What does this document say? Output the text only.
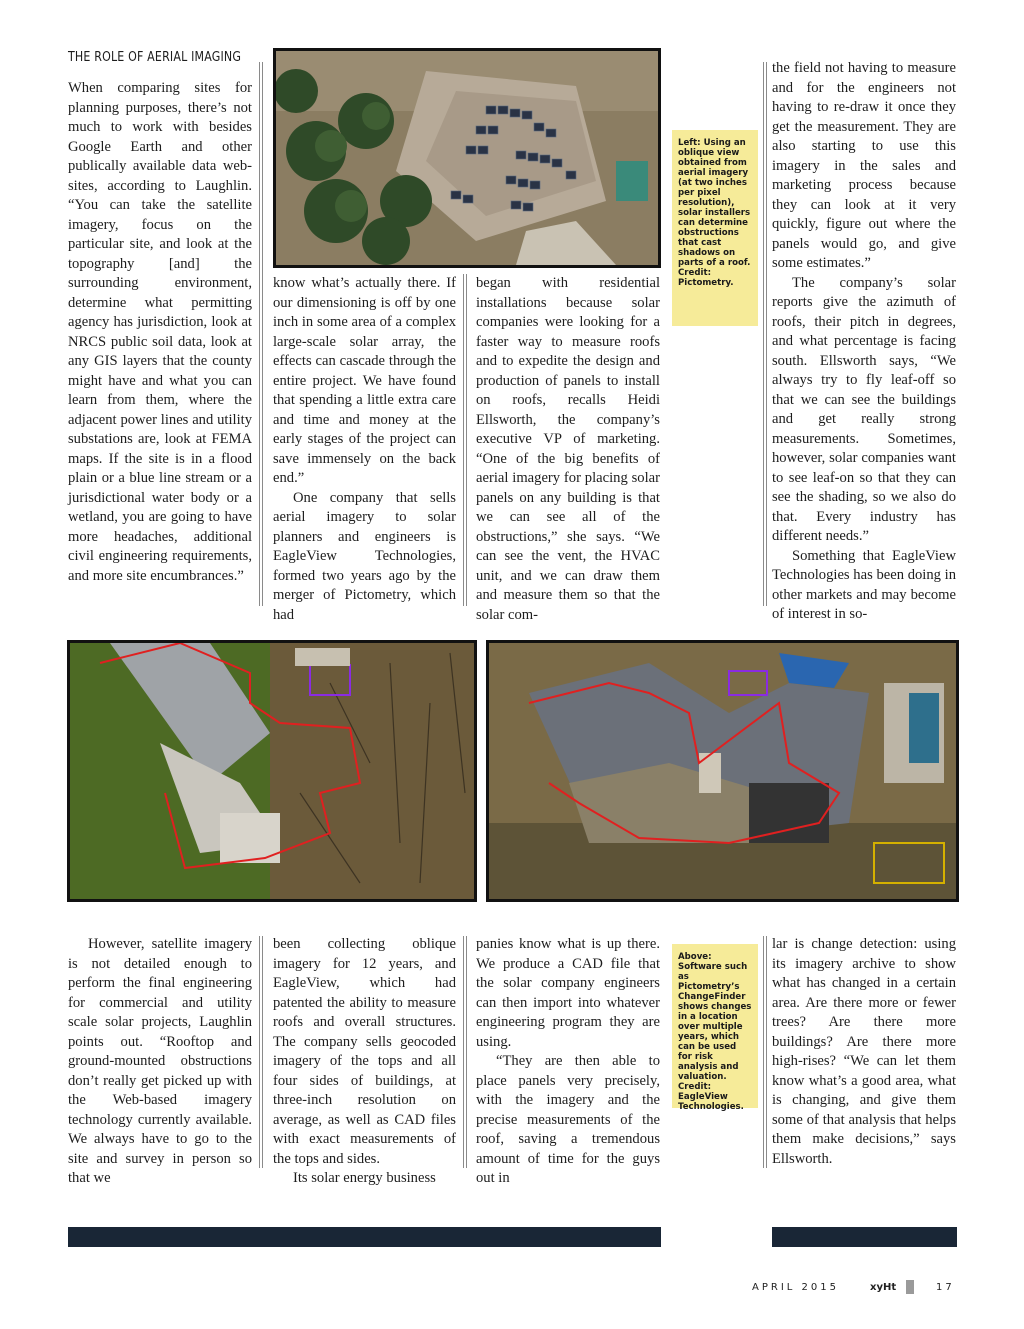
THE ROLE OF AERIAL IMAGING

When comparing sites for planning purposes, there’s not much to work with besides Google Earth and other publically available data web-sites, according to Laughlin. “You can take the satellite imagery, focus on the particular site, and look at the topography [and] the surrounding environment, determine what permitting agency has jurisdiction, look at NRCS public soil data, look at any GIS layers that the county might have and what you can learn from them, where the adjacent power lines and utility substations are, look at FEMA maps. If the site is in a flood plain or a blue line stream or a jurisdictional water body or a wetland, you are going to have more headaches, additional civil engineering requirements, and more site encumbrances.”

know what’s actually there. If our dimensioning is off by one inch in some area of a complex large-scale solar array, the effects can cascade through the entire project. We have found that spending a little extra care and time and money at the early stages of the project can save immensely on the back end.”

One company that sells aerial imagery to solar planners and engineers is EagleView Technologies, formed two years ago by the merger of Pictometry, which had

began with residential installations because solar companies were looking for a faster way to measure roofs and to expedite the design and production of panels to install on roofs, recalls Heidi Ellsworth, the company’s executive VP of marketing. “One of the big benefits of aerial imagery for placing solar panels on any building is that we can see all of the obstructions,” she says. “We can see the vent, the HVAC unit, and we can draw them and measure them so that the solar com-

Left: Using an oblique view obtained from aerial imagery (at two inches per pixel resolution), solar installers can determine obstructions that cast shadows on parts of a roof. Credit: Pictometry.

the field not having to measure and for the engineers not having to re-draw it once they get the measurement. They are also starting to use this imagery in the sales and marketing process because they can look at it very quickly, figure out where the panels would go, and give some estimates.”

The company’s solar reports give the azimuth of roofs, their pitch in degrees, and what percentage is facing south. Ellsworth says, “We always try to fly leaf-off so that we can see the buildings and get really strong measurements. Sometimes, however, solar companies want to see leaf-on so that they can see the shading, so we also do that. Every industry has different needs.”

Something that EagleView Technologies has been doing in other markets and may become of interest in so-

However, satellite imagery is not detailed enough to perform the final engineering for commercial and utility scale solar projects, Laughlin points out. “Rooftop and ground-mounted obstructions don’t really get picked up with the Web-based imagery technology currently available. We always have to go to the site and survey in person so that we

been collecting oblique imagery for 12 years, and EagleView, which had patented the ability to measure roofs and overall structures. The company sells geocoded imagery of the tops and all four sides of buildings, at three-inch resolution on average, as well as CAD files with exact measurements of the tops and sides.

Its solar energy business

panies know what is up there. We produce a CAD file that the solar company engineers can then import into whatever engineering program they are using.

“They are then able to place panels very precisely, with the imagery and the precise measurements of the roof, saving a tremendous amount of time for the guys out in

Above: Software such as Pictometry’s ChangeFinder shows changes in a location over multiple years, which can be used for risk analysis and valuation. Credit: EagleView Technologies.

lar is change detection: using its imagery archive to show what has changed in a certain area. Are there more or fewer trees? Are there more buildings? Are there more high-rises? “We can let them know what’s a good area, what is changing, and give them some of that analysis that helps them make decisions,” says Ellsworth.

APRIL 2015	xyHt	17
